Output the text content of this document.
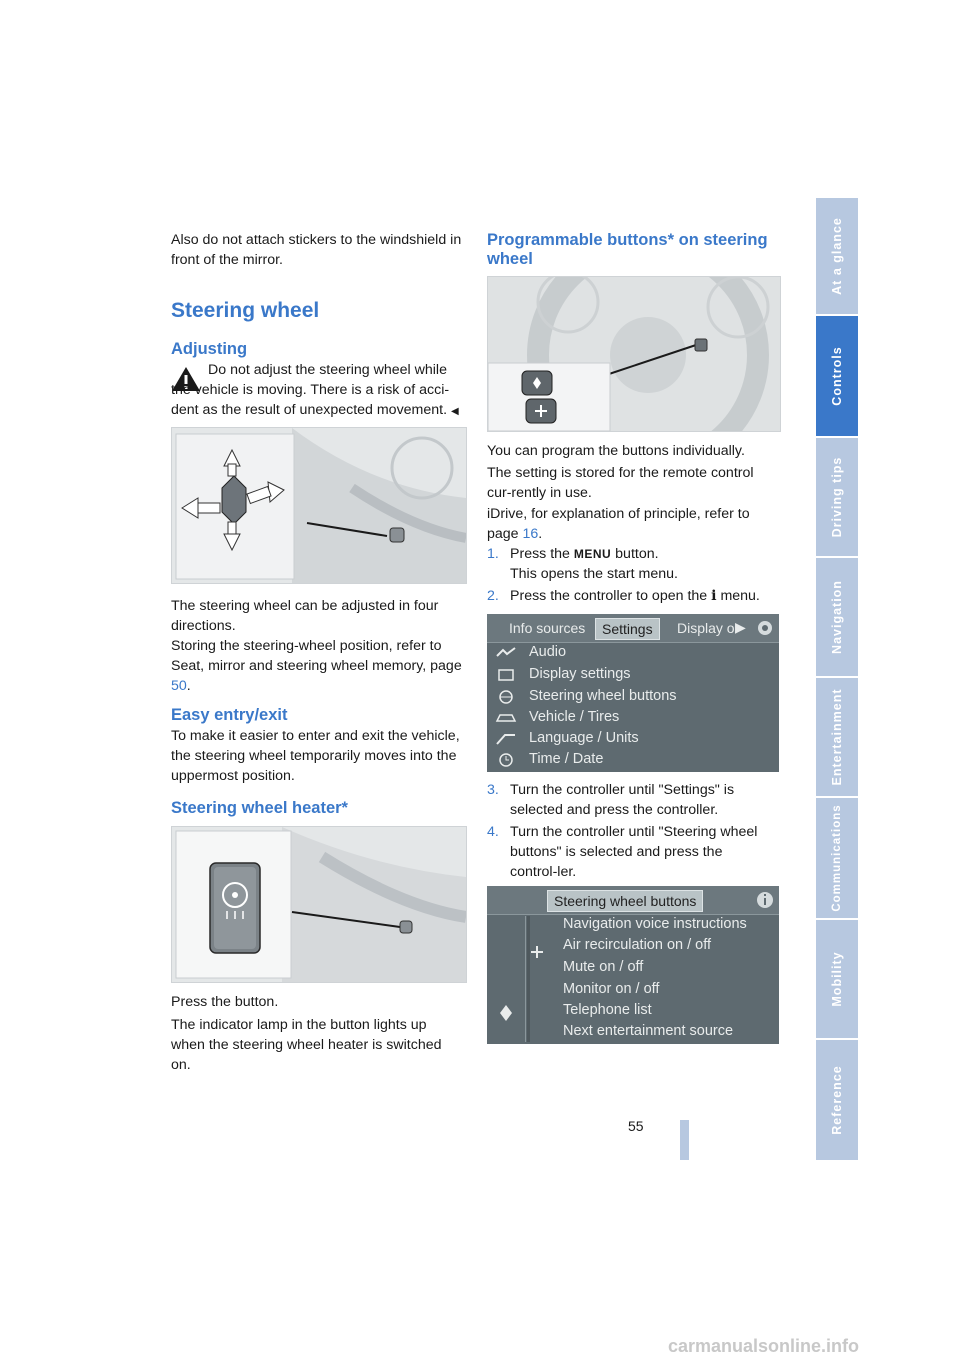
At a glance
Controls
Driving tips
Navigation
Entertainment
Communications
Mobility
Reference
Also do not attach stickers to the windshield in front of the mirror.
Steering wheel
Adjusting
Do not adjust the steering wheel while the vehicle is moving. There is a risk of acci-dent as the result of unexpected movement. ◀
The steering wheel can be adjusted in four directions.
Storing the steering-wheel position, refer to Seat, mirror and steering wheel memory, page 50.
Easy entry/exit
To make it easier to enter and exit the vehicle, the steering wheel temporarily moves into the uppermost position.
Steering wheel heater*
Press the button.
The indicator lamp in the button lights up when the steering wheel heater is switched on.
Programmable buttons* on steering wheel
You can program the buttons individually.
The setting is stored for the remote control cur-rently in use.
iDrive, for explanation of principle, refer to page 16.
1. Press the MENU button.
This opens the start menu.
2. Press the controller to open the i menu.
Info sources	Settings	Display o ▶
Audio
Display settings
Steering wheel buttons
Vehicle / Tires
Language / Units
Time / Date
3. Turn the controller until "Settings" is selected and press the controller.
4. Turn the controller until "Steering wheel buttons" is selected and press the control-ler.
Steering wheel buttons
Navigation voice instructions
Air recirculation on / off
Mute on / off
Monitor on / off
Telephone list
Next entertainment source
55
carmanualsonline.info
